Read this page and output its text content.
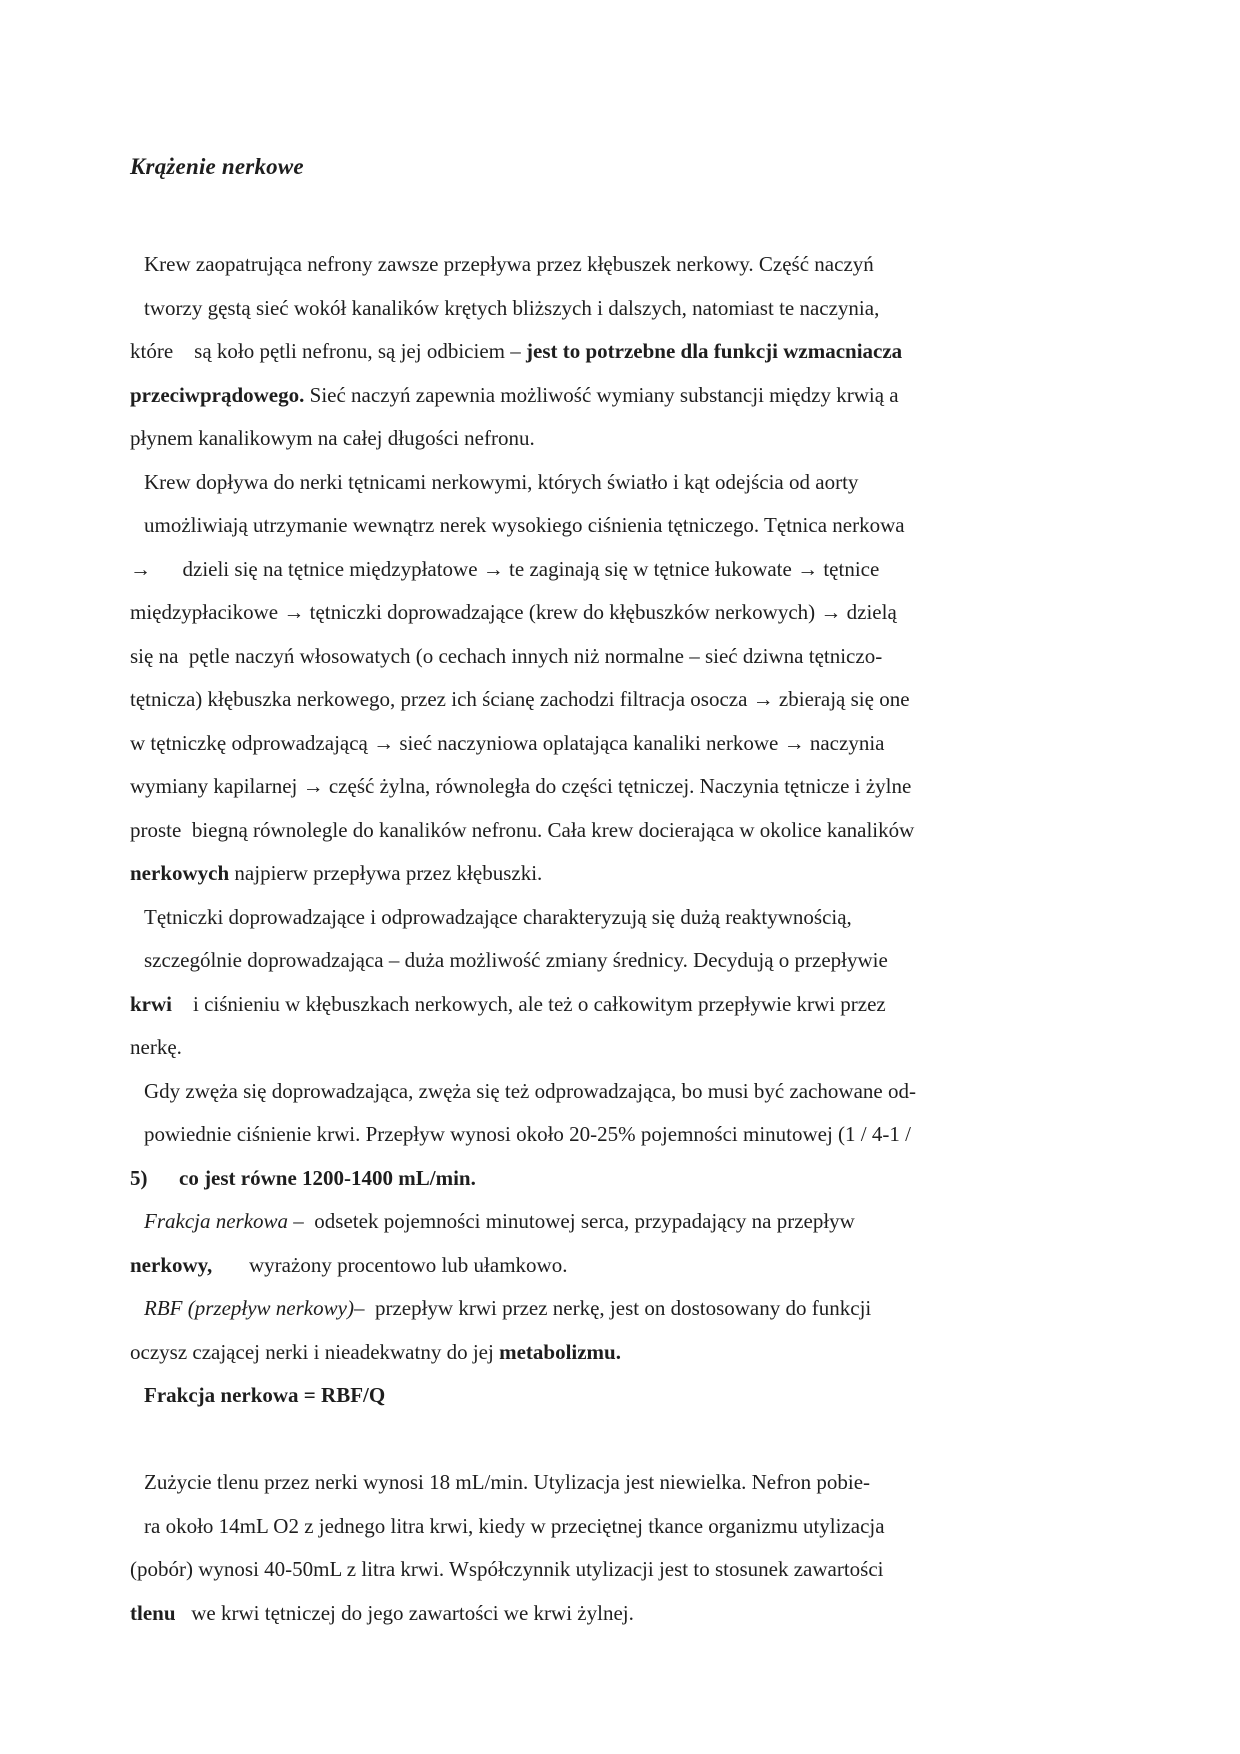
Krążenie nerkowe
Krew zaopatrująca nefrony zawsze przepływa przez kłębuszek nerkowy. Część naczyń
tworzy gęstą sieć wokół kanalików krętych bliższych i dalszych, natomiast te naczynia,
które    są koło pętli nefronu, są jej odbiciem – jest to potrzebne dla funkcji wzmacniacza
przeciwprądowego. Sieć naczyń zapewnia możliwość wymiany substancji między krwią a
płynem kanalikowym na całej długości nefronu.
Krew dopływa do nerki tętnicami nerkowymi, których światło i kąt odejścia od aorty
umożliwiają utrzymanie wewnątrz nerek wysokiego ciśnienia tętniczego. Tętnica nerkowa
→      dzieli się na tętnice międzypłatowe → te zaginają się w tętnice łukowate → tętnice
międzypłacikowe → tętniczki doprowadzające (krew do kłębuszków nerkowych) → dzielą
się na  pętle naczyń włosowatych (o cechach innych niż normalne – sieć dziwna tętniczo-
tętnicza) kłębuszka nerkowego, przez ich ścianę zachodzi filtracja osocza → zbierają się one
w tętniczkę odprowadzającą → sieć naczyniowa oplatająca kanaliki nerkowe → naczynia
wymiany kapilarnej → część żylna, równoległa do części tętniczej. Naczynia tętnicze i żylne
proste  biegną równolegle do kanalików nefronu. Cała krew docierająca w okolice kanalików
nerkowych najpierw przepływa przez kłębuszki.
Tętniczki doprowadzające i odprowadzające charakteryzują się dużą reaktywnością,
szczególnie doprowadzająca – duża możliwość zmiany średnicy. Decydują o przepływie
krwi    i ciśnieniu w kłębuszkach nerkowych, ale też o całkowitym przepływie krwi przez
nerkę.
Gdy zwęża się doprowadzająca, zwęża się też odprowadzająca, bo musi być zachowane od-
powiednie ciśnienie krwi. Przepływ wynosi około 20-25% pojemności minutowej (1 / 4-1 /
5)      co jest równe 1200-1400 mL/min.
Frakcja nerkowa –  odsetek pojemności minutowej serca, przypadający na przepływ
nerkowy,       wyrażony procentowo lub ułamkowo.
RBF (przepływ nerkowy)–  przepływ krwi przez nerkę, jest on dostosowany do funkcji
oczysz czającej nerki i nieadekwatny do jej metabolizmu.
Frakcja nerkowa = RBF/Q

Zużycie tlenu przez nerki wynosi 18 mL/min. Utylizacja jest niewielka. Nefron pobie-
ra około 14mL O2 z jednego litra krwi, kiedy w przeciętnej tkance organizmu utylizacja
(pobór) wynosi 40-50mL z litra krwi. Współczynnik utylizacji jest to stosunek zawartości
tlenu   we krwi tętniczej do jego zawartości we krwi żylnej.
